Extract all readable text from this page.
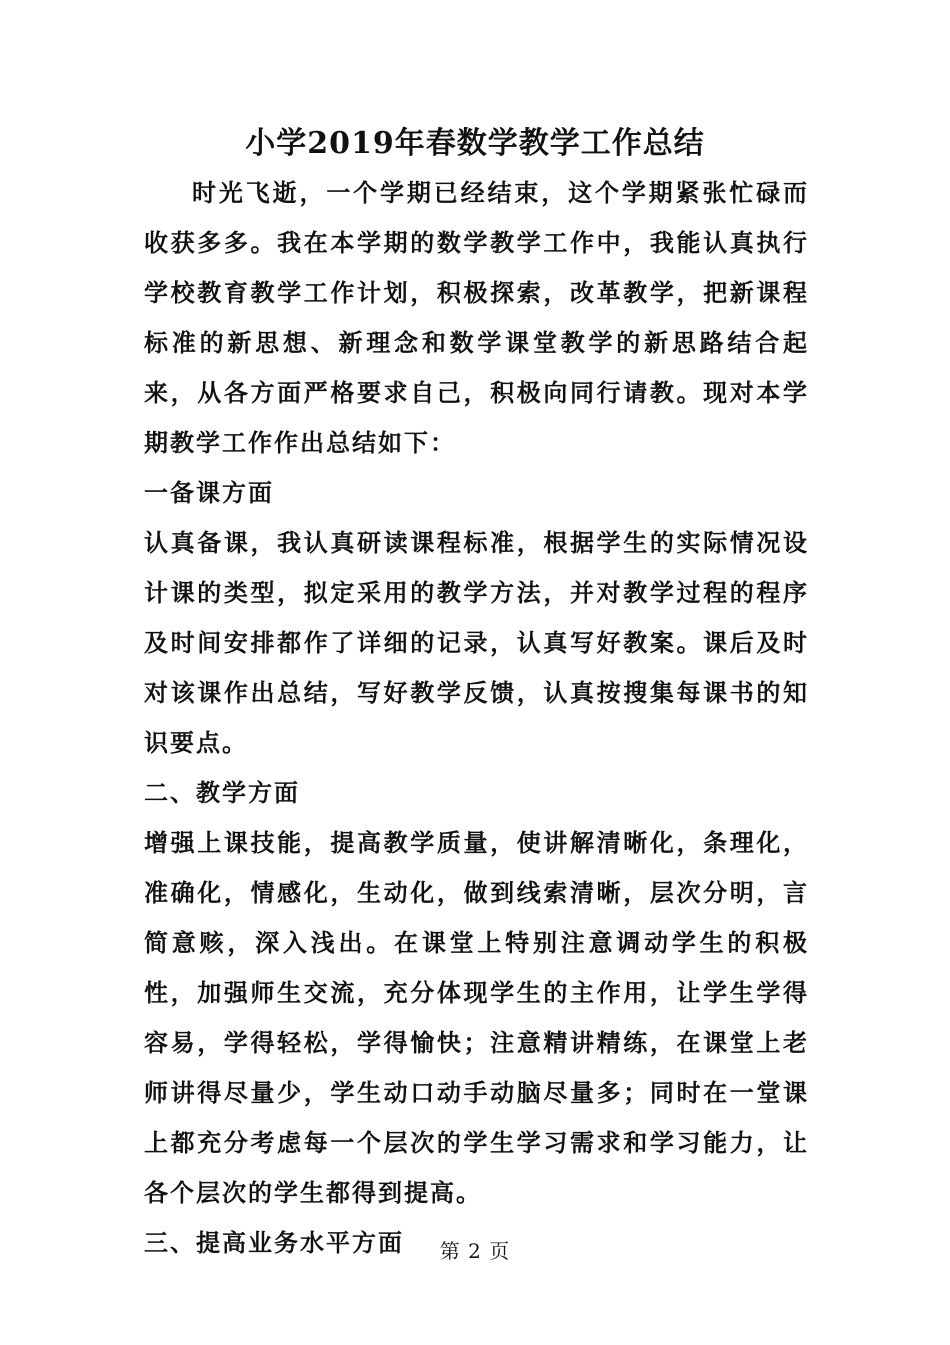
小学2019年春数学教学工作总结

时光飞逝，一个学期已经结束，这个学期紧张忙碌而收获多多。我在本学期的数学教学工作中，我能认真执行学校教育教学工作计划，积极探索，改革教学，把新课程标准的新思想、新理念和数学课堂教学的新思路结合起来，从各方面严格要求自己，积极向同行请教。现对本学期教学工作作出总结如下：

一备课方面

认真备课，我认真研读课程标准，根据学生的实际情况设计课的类型，拟定采用的教学方法，并对教学过程的程序及时间安排都作了详细的记录，认真写好教案。课后及时对该课作出总结，写好教学反馈，认真按搜集每课书的知识要点。

二、教学方面

增强上课技能，提高教学质量，使讲解清晰化，条理化，准确化，情感化，生动化，做到线索清晰，层次分明，言简意赅，深入浅出。在课堂上特别注意调动学生的积极性，加强师生交流，充分体现学生的主作用，让学生学得容易，学得轻松，学得愉快；注意精讲精练，在课堂上老师讲得尽量少，学生动口动手动脑尽量多；同时在一堂课上都充分考虑每一个层次的学生学习需求和学习能力，让各个层次的学生都得到提高。

三、提高业务水平方面	第 2 页
